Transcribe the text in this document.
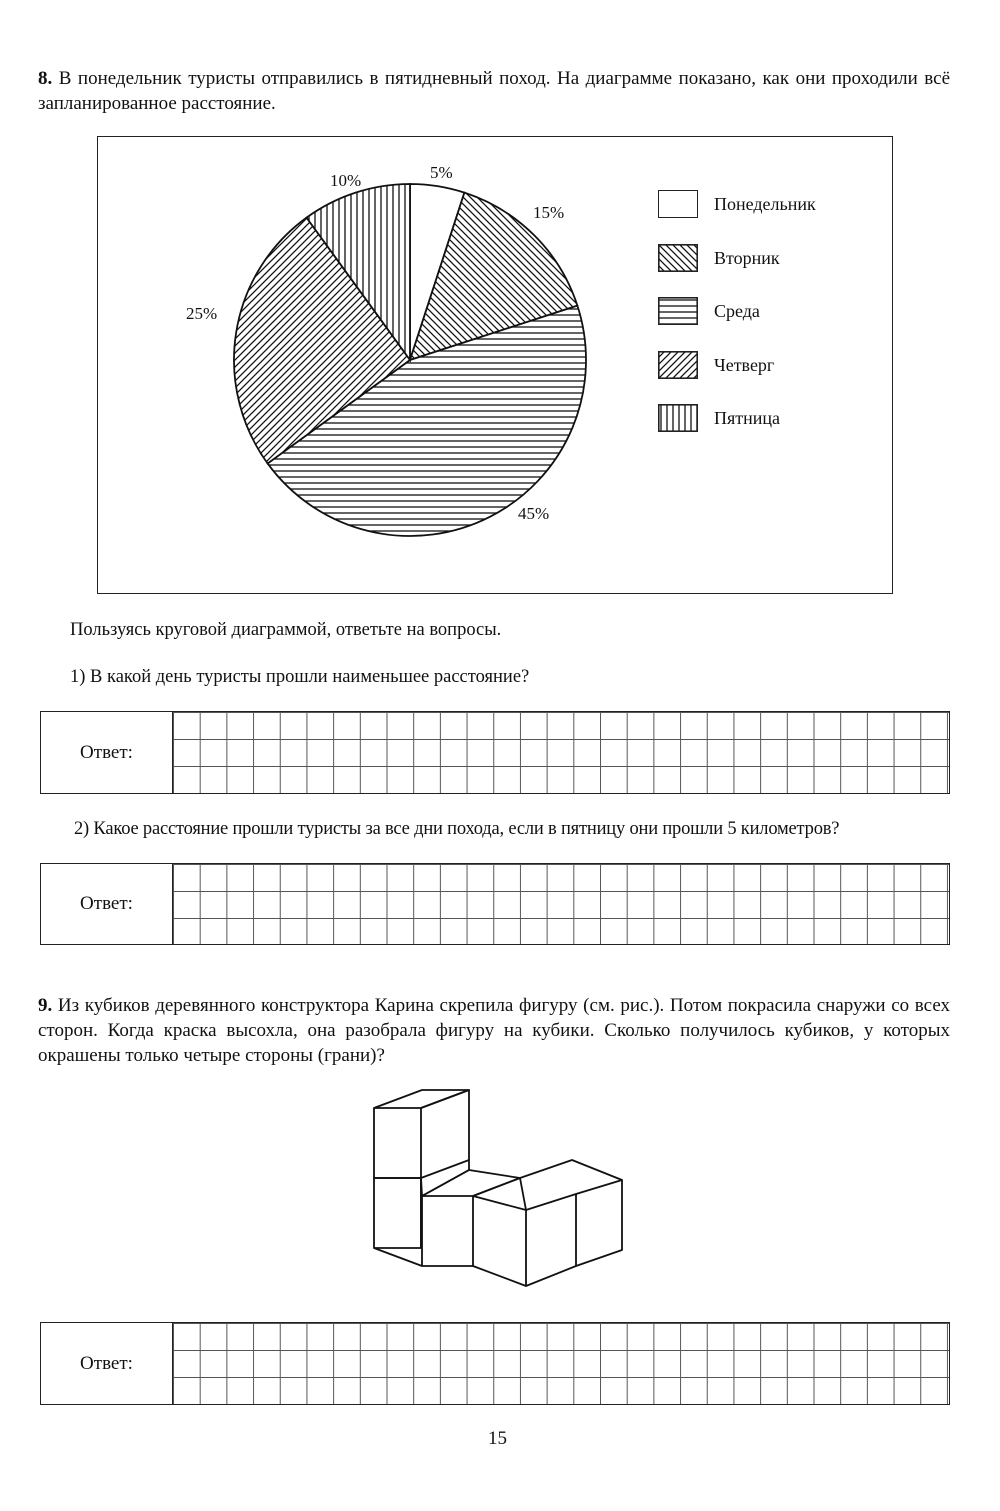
8. В понедельник туристы отправились в пятидневный поход. На диаграмме показано, как они проходили всё запланированное расстояние.
5%
15%
45%
25%
10%
Понедельник
Вторник
Среда
Четверг
Пятница
Пользуясь круговой диаграммой, ответьте на вопросы.
1) В какой день туристы прошли наименьшее расстояние?
Ответ:
2) Какое расстояние прошли туристы за все дни похода, если в пятницу они прошли 5 километров?
Ответ:
9. Из кубиков деревянного конструктора Карина скрепила фигуру (см. рис.). Потом покрасила снаружи со всех сторон. Когда краска высохла, она разобрала фигуру на кубики. Сколько получилось кубиков, у которых окрашены только четыре стороны (грани)?
Ответ:
15
